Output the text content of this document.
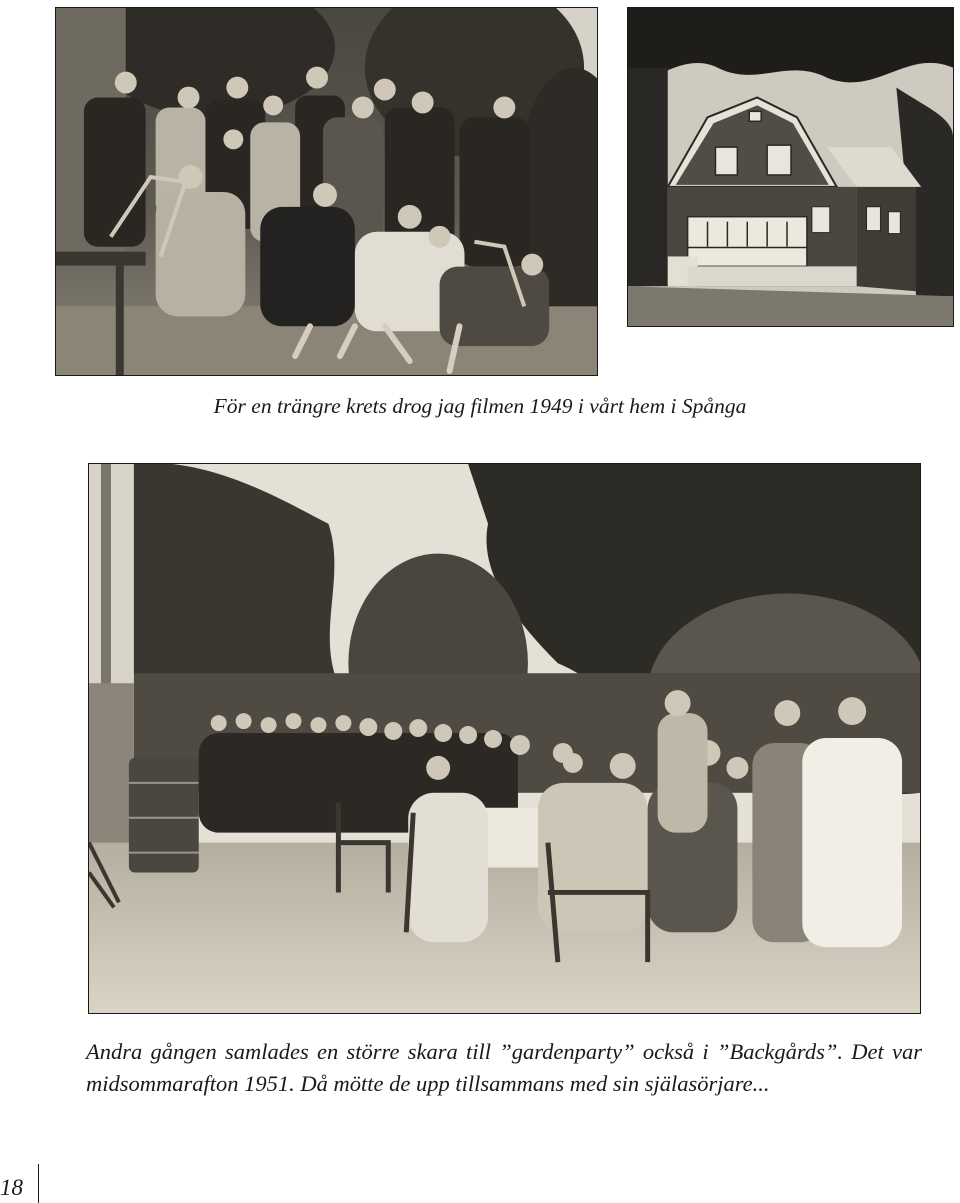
För en trängre krets drog jag filmen 1949 i vårt hem i Spånga

Andra gången samlades en större skara till ”gardenparty” också i ”Backgårds”. Det var midsommarafton 1951. Då mötte de upp tillsammans med sin själasörjare...

18
